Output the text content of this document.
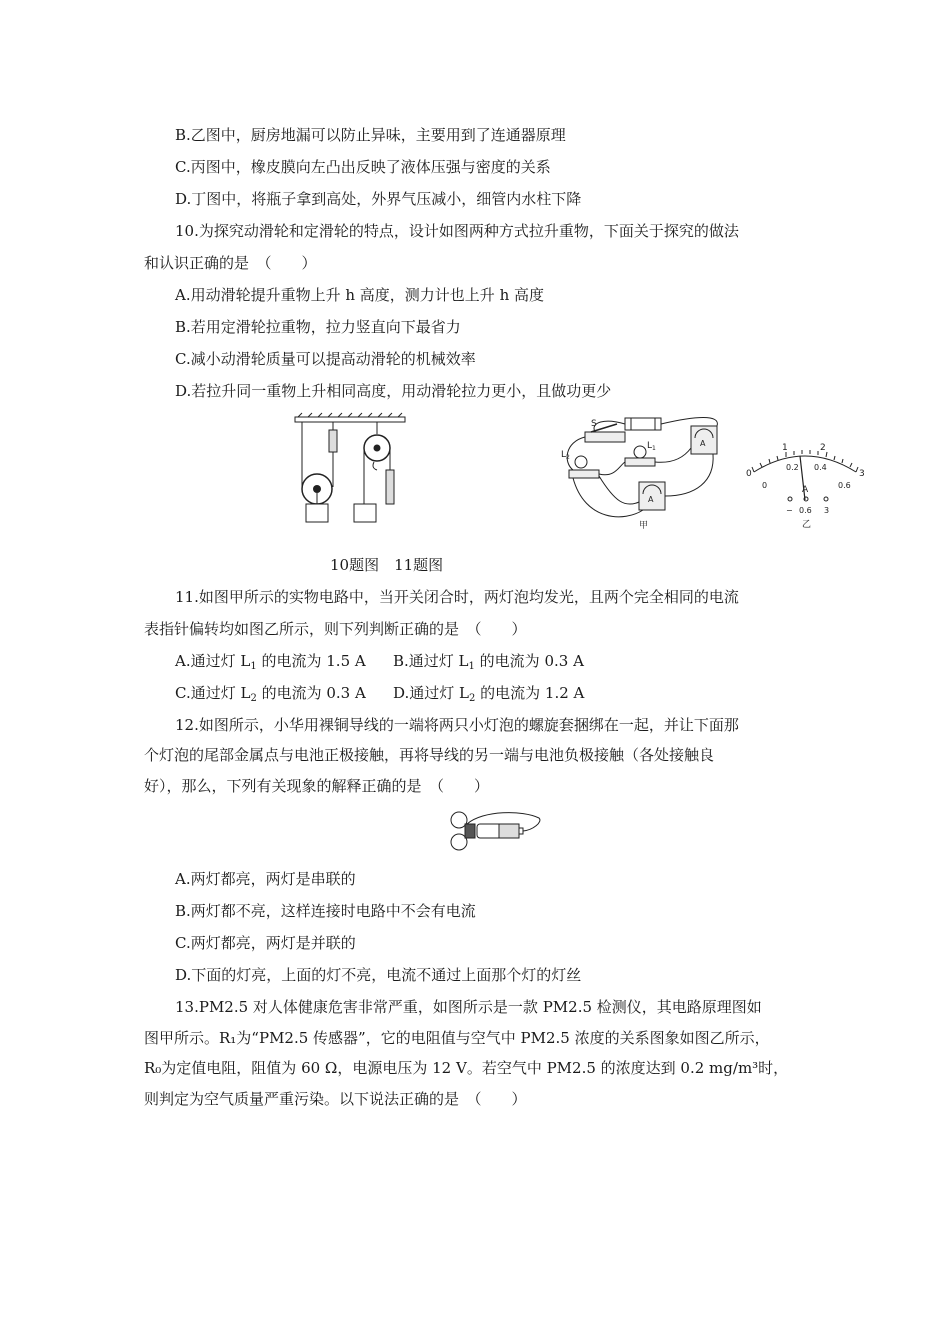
B.乙图中，厨房地漏可以防止异味，主要用到了连通器原理
C.丙图中，橡皮膜向左凸出反映了液体压强与密度的关系
D.丁图中，将瓶子拿到高处，外界气压减小，细管内水柱下降
10.为探究动滑轮和定滑轮的特点，设计如图两种方式拉升重物，下面关于探究的做法
和认识正确的是　（　　）
A.用动滑轮提升重物上升 h 高度，测力计也上升 h 高度
B.若用定滑轮拉重物，拉力竖直向下最省力
C.减小动滑轮质量可以提高动滑轮的机械效率
D.若拉升同一重物上升相同高度，用动滑轮拉力更小，且做功更少
S
$L_1$
$L_2$
A
A
甲
0
1	2
3
0
0.2 0.4
0.6
A
− 0.6 3
乙
10题图　11题图
11.如图甲所示的实物电路中，当开关闭合时，两灯泡均发光，且两个完全相同的电流
表指针偏转均如图乙所示，则下列判断正确的是　（　　）
A.通过灯 $L_1$ 的电流为 1.5 A B.通过灯 $L_1$ 的电流为 0.3 A
C.通过灯 $L_2$ 的电流为 0.3 A D.通过灯 $L_2$ 的电流为 1.2 A
12.如图所示，小华用裸铜导线的一端将两只小灯泡的螺旋套捆绑在一起，并让下面那
个灯泡的尾部金属点与电池正极接触，再将导线的另一端与电池负极接触（各处接触良
好），那么，下列有关现象的解释正确的是　（　　）
A.两灯都亮，两灯是串联的
B.两灯都不亮，这样连接时电路中不会有电流
C.两灯都亮，两灯是并联的
D.下面的灯亮，上面的灯不亮，电流不通过上面那个灯的灯丝
13.PM2.5 对人体健康危害非常严重，如图所示是一款 PM2.5 检测仪，其电路原理图如
图甲所示。R₁为“PM2.5 传感器”，它的电阻值与空气中 PM2.5 浓度的关系图象如图乙所示，
R₀为定值电阻，阻值为 60 Ω，电源电压为 12 V。若空气中 PM2.5 的浓度达到 0.2 mg/m³时，
则判定为空气质量严重污染。以下说法正确的是　（　　）
